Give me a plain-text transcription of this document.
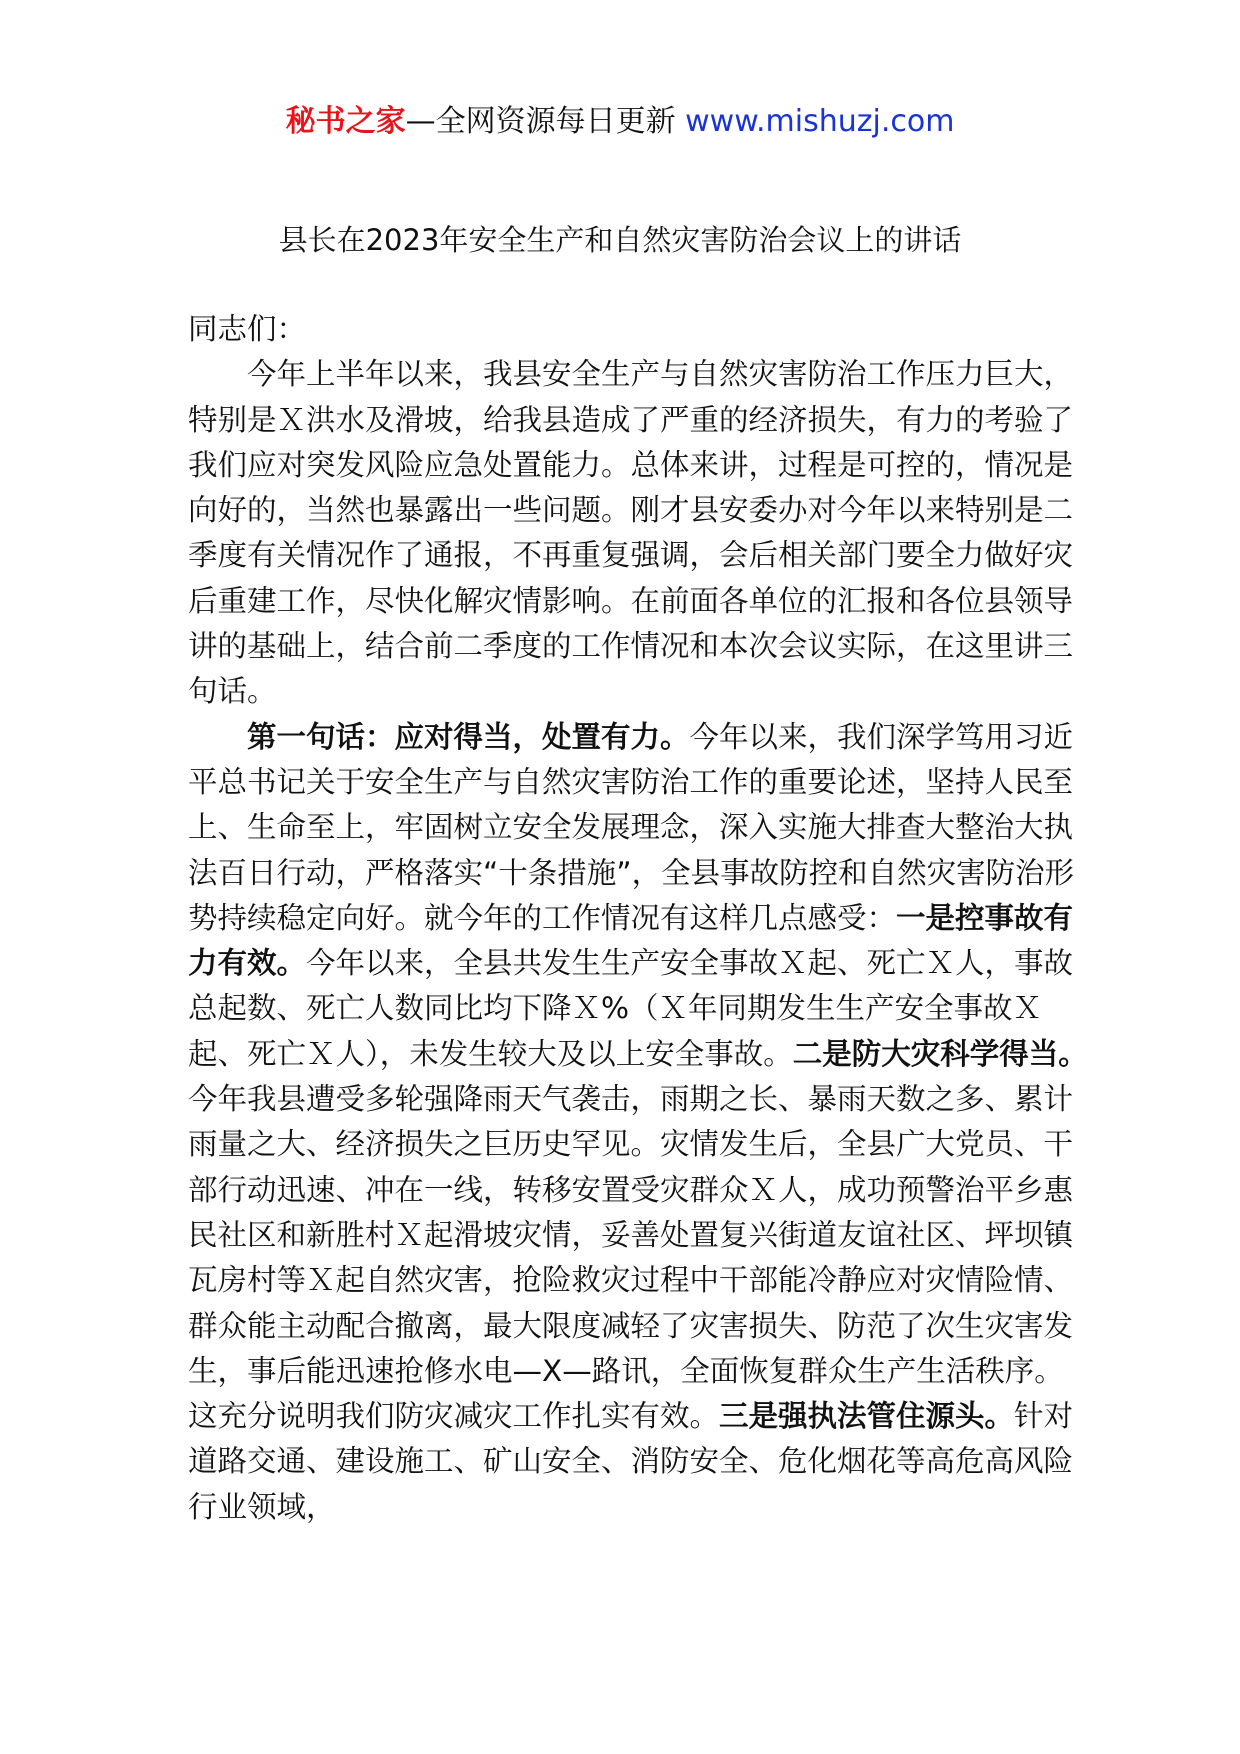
秘书之家—全网资源每日更新 www.mishuzj.com
县长在2023年安全生产和自然灾害防治会议上的讲话

同志们：

今年上半年以来，我县安全生产与自然灾害防治工作压力巨大，特别是Ｘ洪水及滑坡，给我县造成了严重的经济损失，有力的考验了我们应对突发风险应急处置能力。总体来讲，过程是可控的，情况是向好的，当然也暴露出一些问题。刚才县安委办对今年以来特别是二季度有关情况作了通报，不再重复强调，会后相关部门要全力做好灾后重建工作，尽快化解灾情影响。在前面各单位的汇报和各位县领导讲的基础上，结合前二季度的工作情况和本次会议实际，在这里讲三句话。

第一句话：应对得当，处置有力。今年以来，我们深学笃用习近平总书记关于安全生产与自然灾害防治工作的重要论述，坚持人民至上、生命至上，牢固树立安全发展理念，深入实施大排查大整治大执法百日行动，严格落实“十条措施”，全县事故防控和自然灾害防治形势持续稳定向好。就今年的工作情况有这样几点感受：一是控事故有力有效。今年以来，全县共发生生产安全事故Ｘ起、死亡Ｘ人，事故总起数、死亡人数同比均下降Ｘ%（Ｘ年同期发生生产安全事故Ｘ起、死亡Ｘ人），未发生较大及以上安全事故。二是防大灾科学得当。今年我县遭受多轮强降雨天气袭击，雨期之长、暴雨天数之多、累计雨量之大、经济损失之巨历史罕见。灾情发生后，全县广大党员、干部行动迅速、冲在一线，转移安置受灾群众Ｘ人，成功预警治平乡惠民社区和新胜村Ｘ起滑坡灾情，妥善处置复兴街道友谊社区、坪坝镇瓦房村等Ｘ起自然灾害，抢险救灾过程中干部能冷静应对灾情险情、群众能主动配合撤离，最大限度减轻了灾害损失、防范了次生灾害发生，事后能迅速抢修水电—X—路讯，全面恢复群众生产生活秩序。这充分说明我们防灾减灾工作扎实有效。三是强执法管住源头。针对道路交通、建设施工、矿山安全、消防安全、危化烟花等高危高风险行业领域，
